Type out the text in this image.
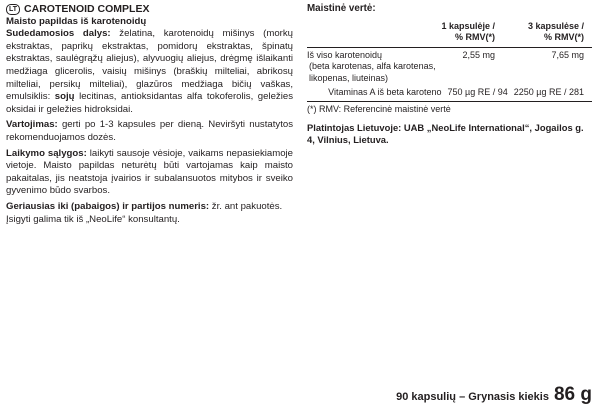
LT CAROTENOID COMPLEX

Maisto papildas iš karotenoidų

Sudedamosios dalys: želatina, karotenoidų mišinys (morkų ekstraktas, paprikų ekstraktas, pomidorų ekstraktas, špinatų ekstraktas, saulėgrąžų aliejus), alyvuogių aliejus, drėgmę išlaikanti medžiaga glicerolis, vaisių mišinys (braškių milteliai, abrikosų milteliai, persikų milteliai), glazūros medžiaga bičių vaškas, emulsiklis: sojų lecitinas, antioksidantas alfa tokoferolis, geležies oksidai ir geležies hidroksidai.

Vartojimas: gerti po 1-3 kapsules per dieną. Neviršyti nustatytos rekomenduojamos dozės.

Laikymo sąlygos: laikyti sausoje vėsioje, vaikams nepasiekiamoje vietoje. Maisto papildas neturėtų būti vartojamas kaip maisto pakaitalas, jis neatstoja įvairios ir subalansuotos mitybos ir sveiko gyvenimo būdo svarbos.

Geriausias iki (pabaigos) ir partijos numeris: žr. ant pakuotės.

Įsigyti galima tik iš „NeoLife“ konsultantų.

Maistinė vertė:
1 kapsulėje /
% RMV(*)
3 kapsulėse /
% RMV(*)
Iš viso karotenoidų	2,55 mg	7,65 mg
(beta karotenas, alfa karotenas,
likopenas, liuteinas)
Vitaminas A iš beta karoteno 750 µg RE / 94 2250 µg RE / 281
(*) RMV: Referencinė maistinė vertė
Platintojas Lietuvoje: UAB „NeoLife International“, Jogailos g. 4, Vilnius, Lietuva.
90 kapsulių – Grynasis kiekis 86 g
